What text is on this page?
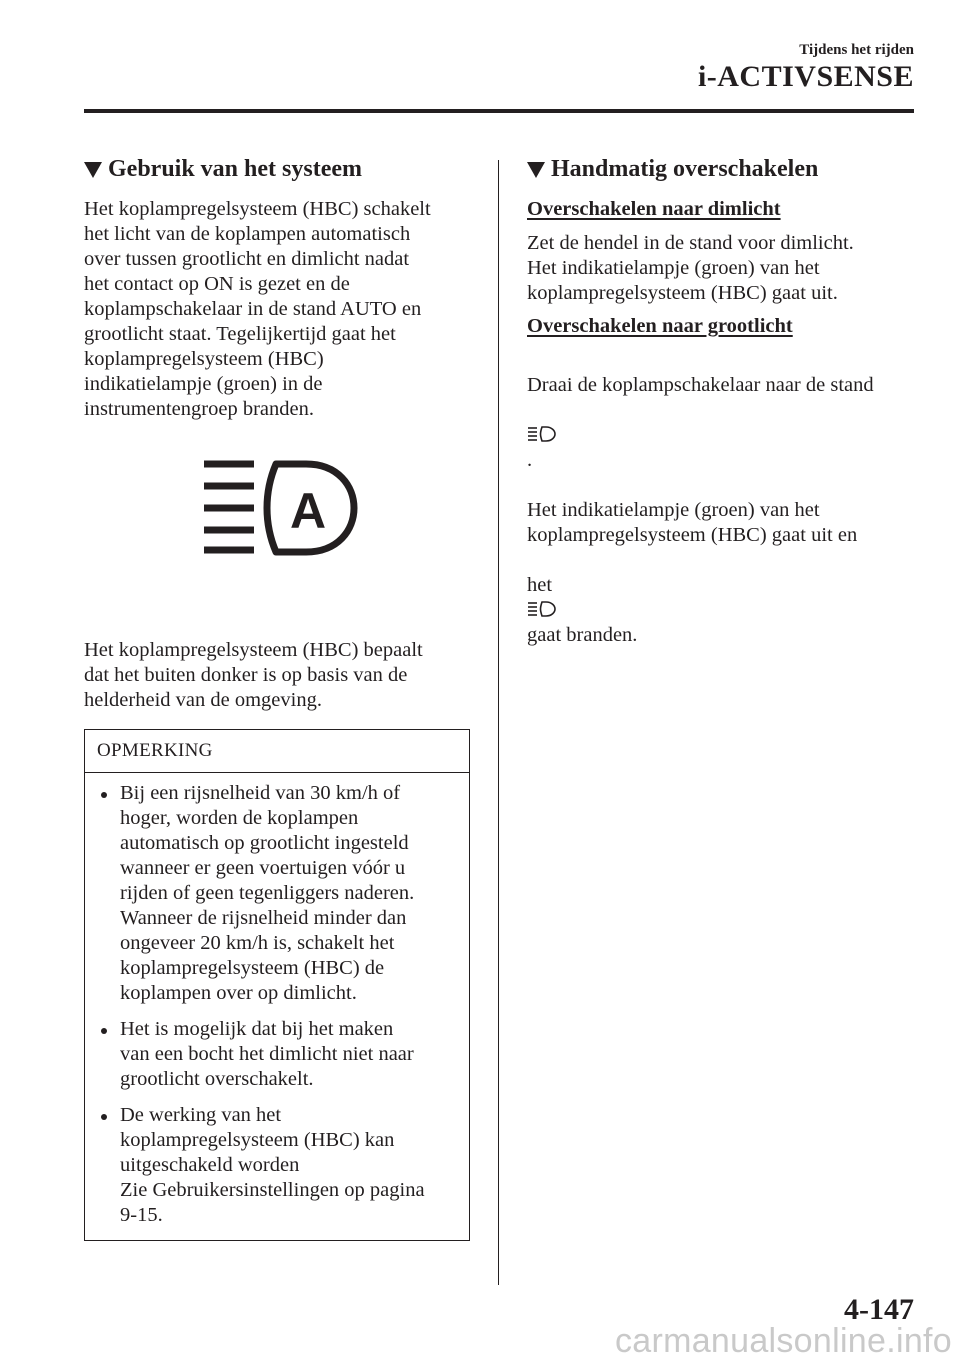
Tijdens het rijden
i-ACTIVSENSE
Gebruik van het systeem

Het koplampregelsysteem (HBC) schakelt
het licht van de koplampen automatisch
over tussen grootlicht en dimlicht nadat
het contact op ON is gezet en de
koplampschakelaar in de stand AUTO en
grootlicht staat. Tegelijkertijd gaat het
koplampregelsysteem (HBC)
indikatielampje (groen) in de
instrumentengroep branden.

A

Het koplampregelsysteem (HBC) bepaalt
dat het buiten donker is op basis van de
helderheid van de omgeving.

OPMERKING
Bij een rijsnelheid van 30 km/h of
hoger, worden de koplampen
automatisch op grootlicht ingesteld
wanneer er geen voertuigen vóór u
rijden of geen tegenliggers naderen.
Wanneer de rijsnelheid minder dan
ongeveer 20 km/h is, schakelt het
koplampregelsysteem (HBC) de
koplampen over op dimlicht.
Het is mogelijk dat bij het maken
van een bocht het dimlicht niet naar
grootlicht overschakelt.
De werking van het
koplampregelsysteem (HBC) kan
uitgeschakeld worden
Zie Gebruikersinstellingen op pagina
9-15.
Handmatig overschakelen
Overschakelen naar dimlicht

Zet de hendel in de stand voor dimlicht.
Het indikatielampje (groen) van het
koplampregelsysteem (HBC) gaat uit.

Overschakelen naar grootlicht

Draai de koplampschakelaar naar de stand

.

Het indikatielampje (groen) van het
koplampregelsysteem (HBC) gaat uit en

het

gaat branden.

4-147
carmanualsonline.info
